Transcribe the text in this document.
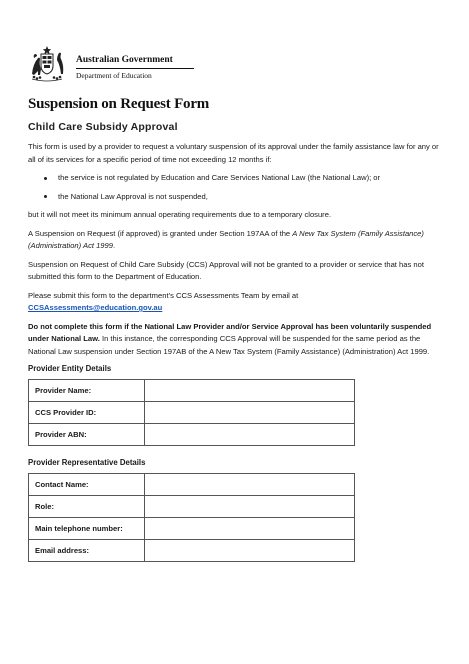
Australian Government
Department of Education
Suspension on Request Form
Child Care Subsidy Approval

This form is used by a provider to request a voluntary suspension of its approval under the family assistance law for any or all of its services for a specific period of time not exceeding 12 months if:

the service is not regulated by Education and Care Services National Law (the National Law); or
the National Law Approval is not suspended,

but it will not meet its minimum annual operating requirements due to a temporary closure.

A Suspension on Request (if approved) is granted under Section 197AA of the A New Tax System (Family Assistance) (Administration) Act 1999.

Suspension on Request of Child Care Subsidy (CCS) Approval will not be granted to a provider or service that has not submitted this form to the Department of Education.

Please submit this form to the department’s CCS Assessments Team by email at
CCSAssessments@education.gov.au

Do not complete this form if the National Law Provider and/or Service Approval has been voluntarily suspended under National Law. In this instance, the corresponding CCS Approval will be suspended for the same period as the National Law suspension under Section 197AB of the A New Tax System (Family Assistance) (Administration) Act 1999.

Provider Entity Details
Provider Name:	
CCS Provider ID:	
Provider ABN:	
Provider Representative Details
Contact Name:	
Role:	
Main telephone number:	
Email address:	
